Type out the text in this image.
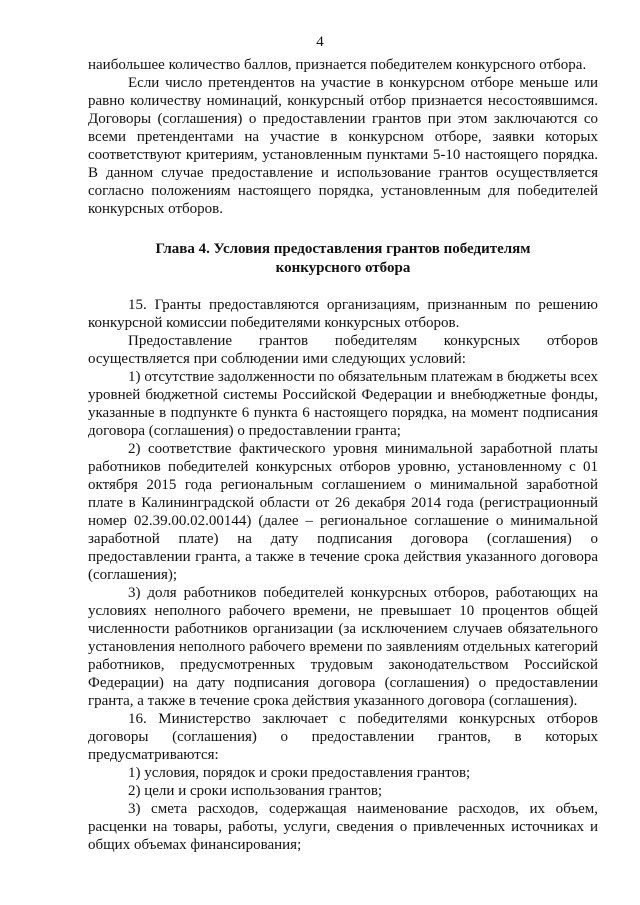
4

наибольшее количество баллов, признается победителем конкурсного отбора.

Если число претендентов на участие в конкурсном отборе меньше или равно количеству номинаций, конкурсный отбор признается несостоявшимся. Договоры (соглашения) о предоставлении грантов при этом заключаются со всеми претендентами на участие в конкурсном отборе, заявки которых соответствуют критериям, установленным пунктами 5-10 настоящего порядка. В данном случае предоставление и использование грантов осуществляется согласно положениям настоящего порядка, установленным для победителей конкурсных отборов.

Глава 4. Условия предоставления грантов победителям
конкурсного отбора

15. Гранты предоставляются организациям, признанным по решению конкурсной комиссии победителями конкурсных отборов.

Предоставление грантов победителям конкурсных отборов осуществляется при соблюдении ими следующих условий:

1) отсутствие задолженности по обязательным платежам в бюджеты всех уровней бюджетной системы Российской Федерации и внебюджетные фонды, указанные в подпункте 6 пункта 6 настоящего порядка, на момент подписания договора (соглашения) о предоставлении гранта;

2) соответствие фактического уровня минимальной заработной платы работников победителей конкурсных отборов уровню, установленному с 01 октября 2015 года региональным соглашением о минимальной заработной плате в Калининградской области от 26 декабря 2014 года (регистрационный номер 02.39.00.02.00144) (далее – региональное соглашение о минимальной заработной плате) на дату подписания договора (соглашения) о предоставлении гранта, а также в течение срока действия указанного договора (соглашения);

3) доля работников победителей конкурсных отборов, работающих на условиях неполного рабочего времени, не превышает 10 процентов общей численности работников организации (за исключением случаев обязательного установления неполного рабочего времени по заявлениям отдельных категорий работников, предусмотренных трудовым законодательством Российской Федерации) на дату подписания договора (соглашения) о предоставлении гранта, а также в течение срока действия указанного договора (соглашения).

16. Министерство заключает с победителями конкурсных отборов договоры (соглашения) о предоставлении грантов, в которых предусматриваются:

1) условия, порядок и сроки предоставления грантов;

2) цели и сроки использования грантов;

3) смета расходов, содержащая наименование расходов, их объем, расценки на товары, работы, услуги, сведения о привлеченных источниках и общих объемах финансирования;
